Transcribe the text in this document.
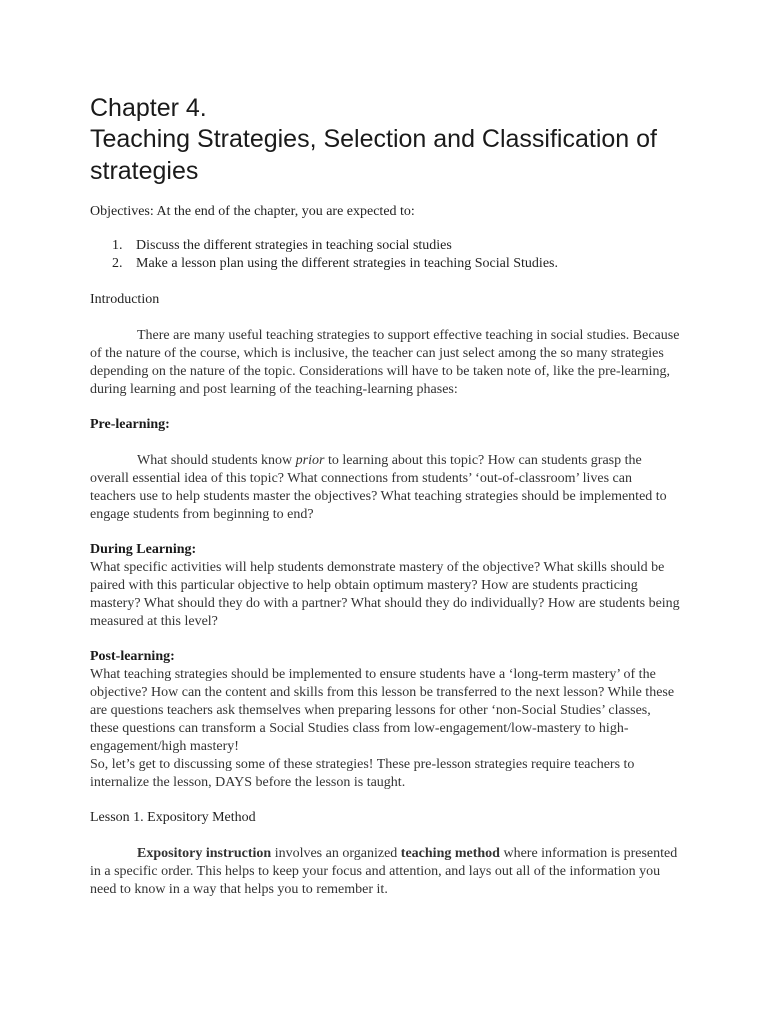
Chapter 4.
Teaching Strategies, Selection and Classification of strategies

Objectives: At the end of the chapter, you are expected to:

1. Discuss the different strategies in teaching social studies
2. Make a lesson plan using the different strategies in teaching Social Studies.

Introduction

There are many useful teaching strategies to support effective teaching in social studies. Because of the nature of the course, which is inclusive, the teacher can just select among the so many strategies depending on the nature of the topic. Considerations will have to be taken note of, like the pre-learning, during learning and post learning of the teaching-learning phases:

Pre-learning:

What should students know prior to learning about this topic? How can students grasp the overall essential idea of this topic? What connections from students’ ‘out-of-classroom’ lives can teachers use to help students master the objectives? What teaching strategies should be implemented to engage students from beginning to end?

During Learning:

What specific activities will help students demonstrate mastery of the objective? What skills should be paired with this particular objective to help obtain optimum mastery? How are students practicing mastery? What should they do with a partner? What should they do individually? How are students being measured at this level?

Post-learning:

What teaching strategies should be implemented to ensure students have a ‘long-term mastery’ of the objective? How can the content and skills from this lesson be transferred to the next lesson? While these are questions teachers ask themselves when preparing lessons for other ‘non-Social Studies’ classes, these questions can transform a Social Studies class from low-engagement/low-mastery to high-engagement/high mastery!

So, let’s get to discussing some of these strategies! These pre-lesson strategies require teachers to internalize the lesson, DAYS before the lesson is taught.

Lesson 1. Expository Method

Expository instruction involves an organized teaching method where information is presented in a specific order. This helps to keep your focus and attention, and lays out all of the information you need to know in a way that helps you to remember it.
